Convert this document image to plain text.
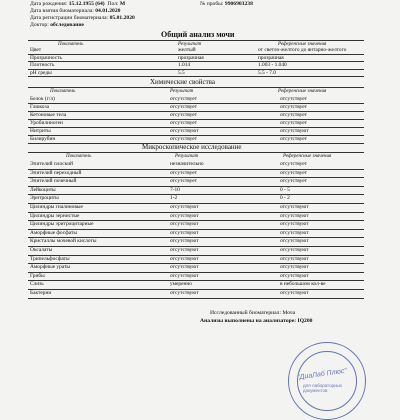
Дата рождения: 15.12.1955 (64) Пол: М	№ пробы: 9906903238
Дата взятия биоматериала: 04.01.2020
Дата регистрации биоматериала: 05.01.2020
Доктор: обследование
Общий анализ мочи
Показатель	Результат	Референсные значения
Цвет	желтый	от светло-желтого до янтарно-желтого
Прозрачность	прозрачная	прозрачная
Плотность	1.014	1.003 - 1.040
pH среды	5.5	5.5 - 7.0
Химические свойства
Показатель	Результат	Референсные значения
Белок (г/л)	отсутствует	отсутствует
Глюкоза	отсутствует	отсутствует
Кетоновые тела	отсутствует	отсутствует
Уробилиноген	отсутствует	отсутствует
Нитриты	отсутствуют	отсутствуют
Билирубин	отсутствует	отсутствует
Микроскопическое исследование
Показатель	Результат	Референсные значения
Эпителий плоский	незначительно	отсутствует
Эпителий переходный	отсутствует	отсутствует
Эпителий почечный	отсутствует	отсутствует
Лейкоциты	7-10	0 - 5
Эритроциты	1-2	0 - 2
Цилиндры гиалиновые	отсутствуют	отсутствуют
Цилиндры зернистые	отсутствуют	отсутствуют
Цилиндры эритроцитарные	отсутствуют	отсутствуют
Аморфные фосфаты	отсутствуют	отсутствуют
Кристаллы мочевой кислоты	отсутствуют	отсутствуют
Оксалаты	отсутствуют	отсутствуют
Трипельфосфаты	отсутствуют	отсутствуют
Аморфные ураты	отсутствуют	отсутствуют
Грибы	отсутствуют	отсутствуют
Слизь	умеренно	в небольшом кол-ве
Бактерии	отсутствуют	отсутствуют
Исследованный биоматериал: Моча
Анализы выполнены на анализаторе: IQ200
"ДиаЛаб Плюс"
для лабораторных документов
